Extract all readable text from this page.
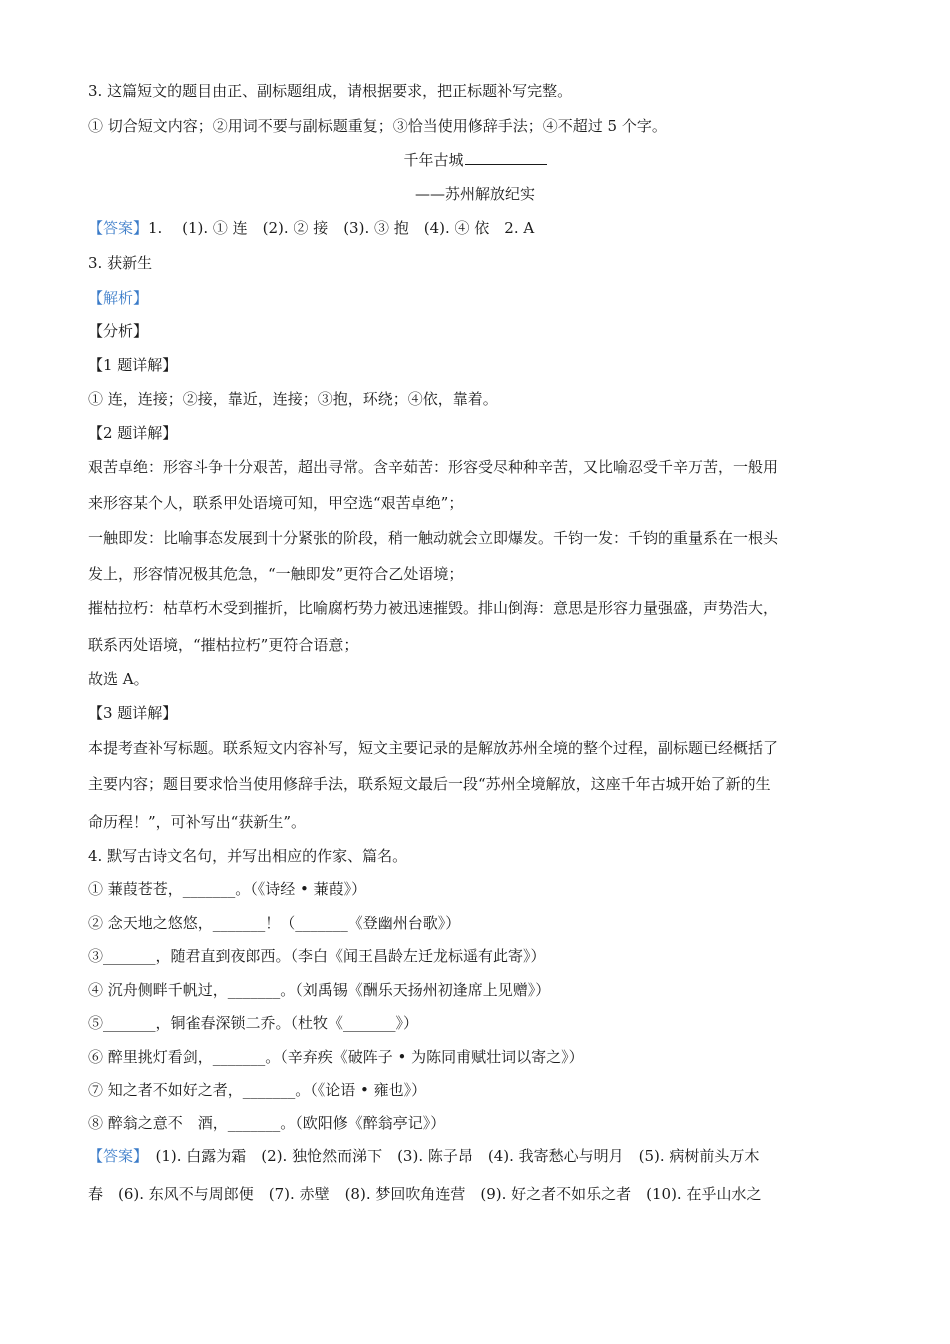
3. 这篇短文的题目由正、副标题组成，请根据要求，把正标题补写完整。
① 切合短文内容；②用词不要与副标题重复；③恰当使用修辞手法；④不超过 5 个字。
千年古城
——苏州解放纪实
【答案】1.　 (1). ① 连　(2). ② 接　(3). ③ 抱　(4). ④ 依　2. A
3. 获新生
【解析】
【分析】
【1 题详解】
① 连，连接；②接，靠近，连接；③抱，环绕；④依，靠着。
【2 题详解】
艰苦卓绝：形容斗争十分艰苦，超出寻常。含辛茹苦：形容受尽种种辛苦，又比喻忍受千辛万苦，一般用
来形容某个人，联系甲处语境可知，甲空选“艰苦卓绝”；
一触即发：比喻事态发展到十分紧张的阶段，稍一触动就会立即爆发。千钧一发：千钧的重量系在一根头
发上，形容情况极其危急，“一触即发”更符合乙处语境；
摧枯拉朽：枯草朽木受到摧折，比喻腐朽势力被迅速摧毁。排山倒海：意思是形容力量强盛，声势浩大，
联系丙处语境，“摧枯拉朽”更符合语意；
故选 A。
【3 题详解】
本提考查补写标题。联系短文内容补写，短文主要记录的是解放苏州全境的整个过程，副标题已经概括了
主要内容；题目要求恰当使用修辞手法，联系短文最后一段“苏州全境解放，这座千年古城开始了新的生
命历程！”，可补写出“获新生”。
4. 默写古诗文名句，并写出相应的作家、篇名。
① 蒹葭苍苍，_______。（《诗经 • 蒹葭》）
② 念天地之悠悠，_______！（_______《登幽州台歌》）
③_______，随君直到夜郎西。（李白《闻王昌龄左迁龙标遥有此寄》）
④ 沉舟侧畔千帆过，_______。（刘禹锡《酬乐天扬州初逢席上见赠》）
⑤_______，铜雀春深锁二乔。（杜牧《_______》）
⑥ 醉里挑灯看剑，_______。（辛弃疾《破阵子 • 为陈同甫赋壮词以寄之》）
⑦ 知之者不如好之者，_______。（《论语 • 雍也》）
⑧ 醉翁之意不　酒，_______。（欧阳修《醉翁亭记》）
【答案】　(1). 白露为霜　(2). 独怆然而涕下　(3). 陈子昂　(4). 我寄愁心与明月　(5). 病树前头万木
春　(6). 东风不与周郎便　(7). 赤壁　(8). 梦回吹角连营　(9). 好之者不如乐之者　(10). 在乎山水之
